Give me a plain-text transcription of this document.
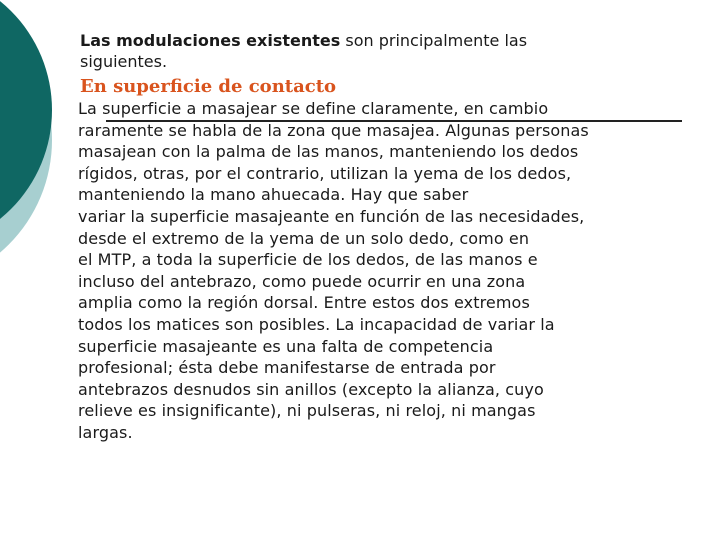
Las modulaciones existentes son principalmente las
siguientes.

En superficie de contacto
La superficie a masajear se define claramente, en cambio
raramente se habla de la zona que masajea. Algunas personas
masajean con la palma de las manos, manteniendo los dedos
rígidos, otras, por el contrario, utilizan la yema de los dedos,
manteniendo la mano ahuecada. Hay que saber
variar la superficie masajeante en función de las necesidades,
desde el extremo de la yema de un solo dedo, como en
el MTP, a toda la superficie de los dedos, de las manos e
incluso del antebrazo, como puede ocurrir en una zona
amplia como la región dorsal. Entre estos dos extremos
todos los matices son posibles. La incapacidad de variar la
superficie masajeante es una falta de competencia
profesional; ésta debe manifestarse de entrada por
antebrazos desnudos sin anillos (excepto la alianza, cuyo
relieve es insignificante), ni pulseras, ni reloj, ni mangas
largas.
